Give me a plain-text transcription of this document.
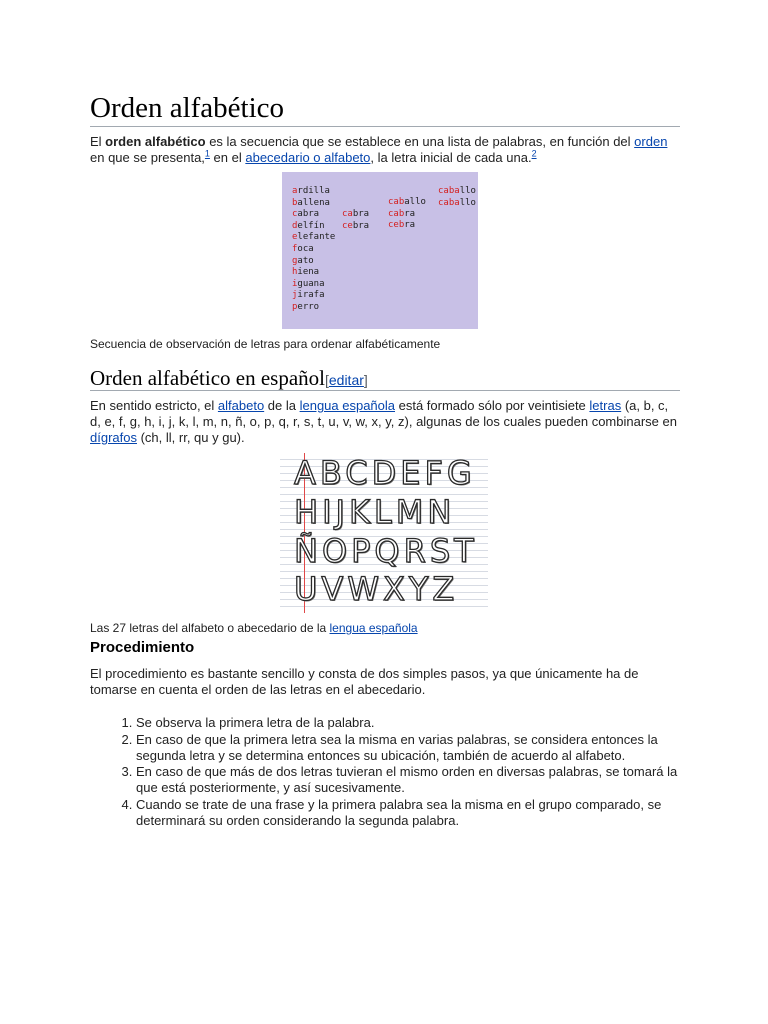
Orden alfabético

El orden alfabético es la secuencia que se establece en una lista de palabras, en función del orden en que se presenta,$^1$ en el abecedario o alfabeto, la letra inicial de cada una.$^2$

ardilla
ballena
cabra
delfín
elefante
foca
gato
hiena
iguana
jirafa
perro
cabra
cebra
caballo
cabra
cebra
caballo
caballo
Secuencia de observación de letras para ordenar alfabéticamente
Orden alfabético en español[editar]

En sentido estricto, el alfabeto de la lengua española está formado sólo por veintisiete letras (a, b, c, d, e, f, g, h, i, j, k, l, m, n, ñ, o, p, q, r, s, t, u, v, w, x, y, z), algunas de los cuales pueden combinarse en dígrafos (ch, ll, rr, qu y gu).

ABCDEFG
HIJKLMN
ÑOPQRST
UVWXYZ
Las 27 letras del alfabeto o abecedario de la lengua española
Procedimiento

El procedimiento es bastante sencillo y consta de dos simples pasos, ya que únicamente ha de tomarse en cuenta el orden de las letras en el abecedario.

1. Se observa la primera letra de la palabra.
2. En caso de que la primera letra sea la misma en varias palabras, se considera entonces la segunda letra y se determina entonces su ubicación, también de acuerdo al alfabeto.
3. En caso de que más de dos letras tuvieran el mismo orden en diversas palabras, se tomará la que está posteriormente, y así sucesivamente.
4. Cuando se trate de una frase y la primera palabra sea la misma en el grupo comparado, se determinará su orden considerando la segunda palabra.
